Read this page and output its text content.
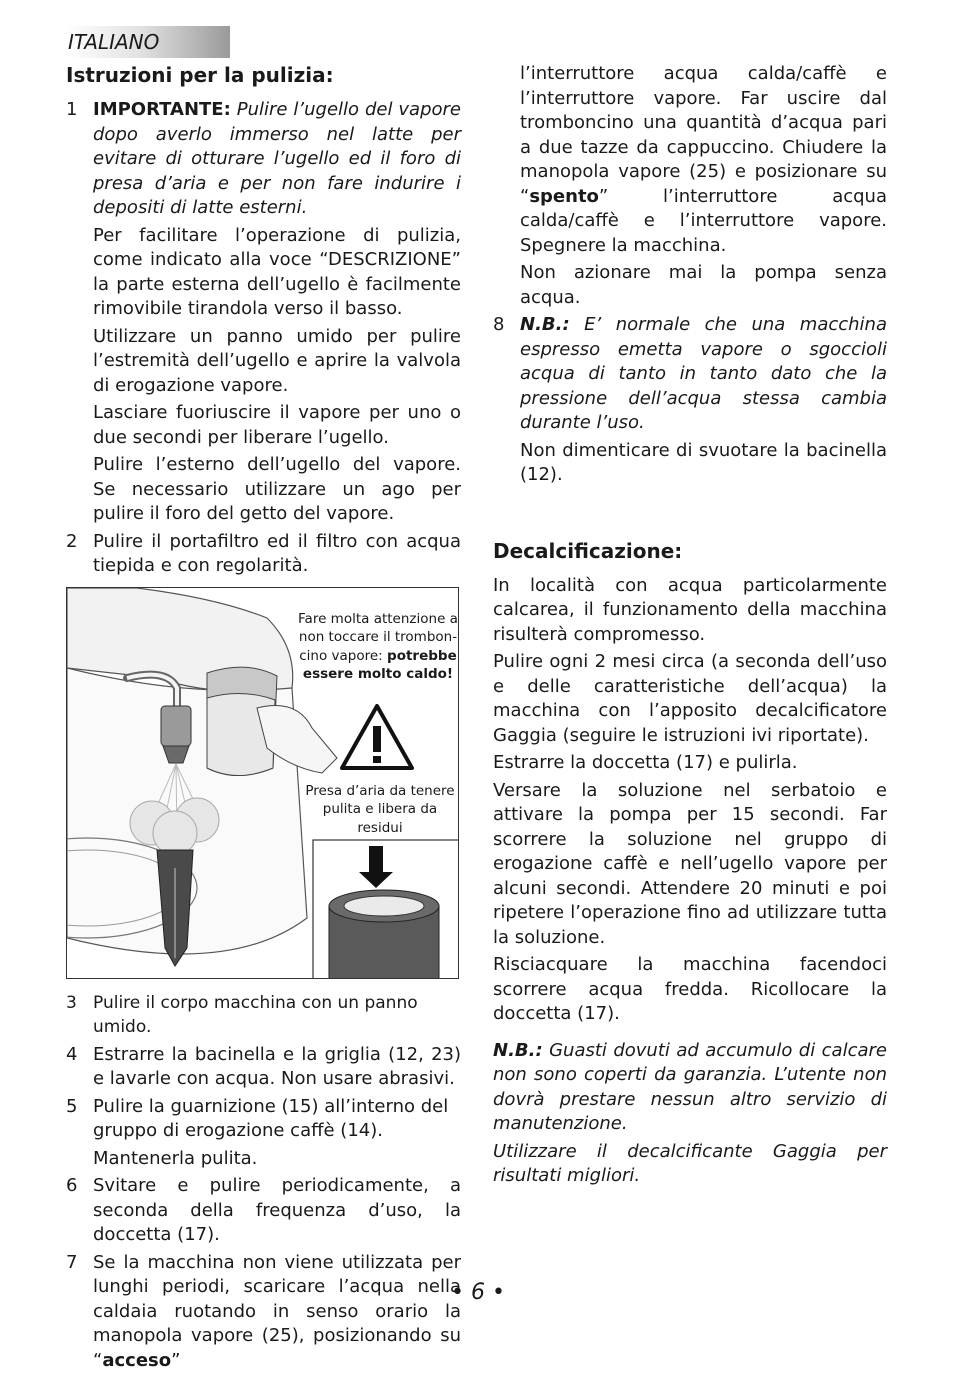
ITALIANO
Istruzioni per la pulizia:
1 IMPORTANTE: Pulire l’ugello del vapore dopo averlo immerso nel latte per evitare di otturare l’ugello ed il foro di presa d’aria e per non fare indurire i depositi di latte esterni.
Per facilitare l’operazione di pulizia, come indicato alla voce “DESCRIZIONE” la parte esterna dell’ugello è facilmente rimovibile tirandola verso il basso.
Utilizzare un panno umido per pulire l’estremità dell’ugello e aprire la valvola di erogazione vapore.
Lasciare fuoriuscire il vapore per uno o due secondi per liberare l’ugello.
Pulire l’esterno dell’ugello del vapore. Se necessario utilizzare un ago per pulire il foro del getto del vapore.
2 Pulire il portafiltro ed il filtro con acqua tiepida e con regolarità.
Fare molta attenzione a non toccare il trombon-cino vapore: potrebbe essere molto caldo!
Presa d’aria da tenere pulita e libera da residui
3 Pulire il corpo macchina con un panno umido.
4 Estrarre la bacinella e la griglia (12, 23) e lavarle con acqua. Non usare abrasivi.
5 Pulire la guarnizione (15) all’interno del gruppo di erogazione caffè (14).
Mantenerla pulita.
6 Svitare e pulire periodicamente, a seconda della frequenza d’uso, la doccetta (17).
7 Se la macchina non viene utilizzata per lunghi periodi, scaricare l’acqua nella caldaia ruotando in senso orario la manopola vapore (25), posizionando su “acceso”
l’interruttore acqua calda/caffè e l’interruttore vapore. Far uscire dal tromboncino una quantità d’acqua pari a due tazze da cappuccino. Chiudere la manopola vapore (25) e posizionare su “spento” l’interruttore acqua calda/caffè e l’interruttore vapore. Spegnere la macchina.
Non azionare mai la pompa senza acqua.
8 N.B.: E’ normale che una macchina espresso emetta vapore o sgoccioli acqua di tanto in tanto dato che la pressione dell’acqua stessa cambia durante l’uso.
Non dimenticare di svuotare la bacinella (12).
Decalcificazione:

In località con acqua particolarmente calcarea, il funzionamento della macchina risulterà compromesso.

Pulire ogni 2 mesi circa (a seconda dell’uso e delle caratteristiche dell’acqua) la macchina con l’apposito decalcificatore Gaggia (seguire le istruzioni ivi riportate).

Estrarre la doccetta (17) e pulirla.

Versare la soluzione nel serbatoio e attivare la pompa per 15 secondi. Far scorrere la soluzione nel gruppo di erogazione caffè e nell’ugello vapore per alcuni secondi. Attendere 20 minuti e poi ripetere l’operazione fino ad utilizzare tutta la soluzione.

Risciacquare la macchina facendoci scorrere acqua fredda. Ricollocare la doccetta (17).

N.B.: Guasti dovuti ad accumulo di calcare non sono coperti da garanzia. L’utente non dovrà prestare nessun altro servizio di manutenzione.

Utilizzare il decalcificante Gaggia per risultati migliori.

• 6 •
